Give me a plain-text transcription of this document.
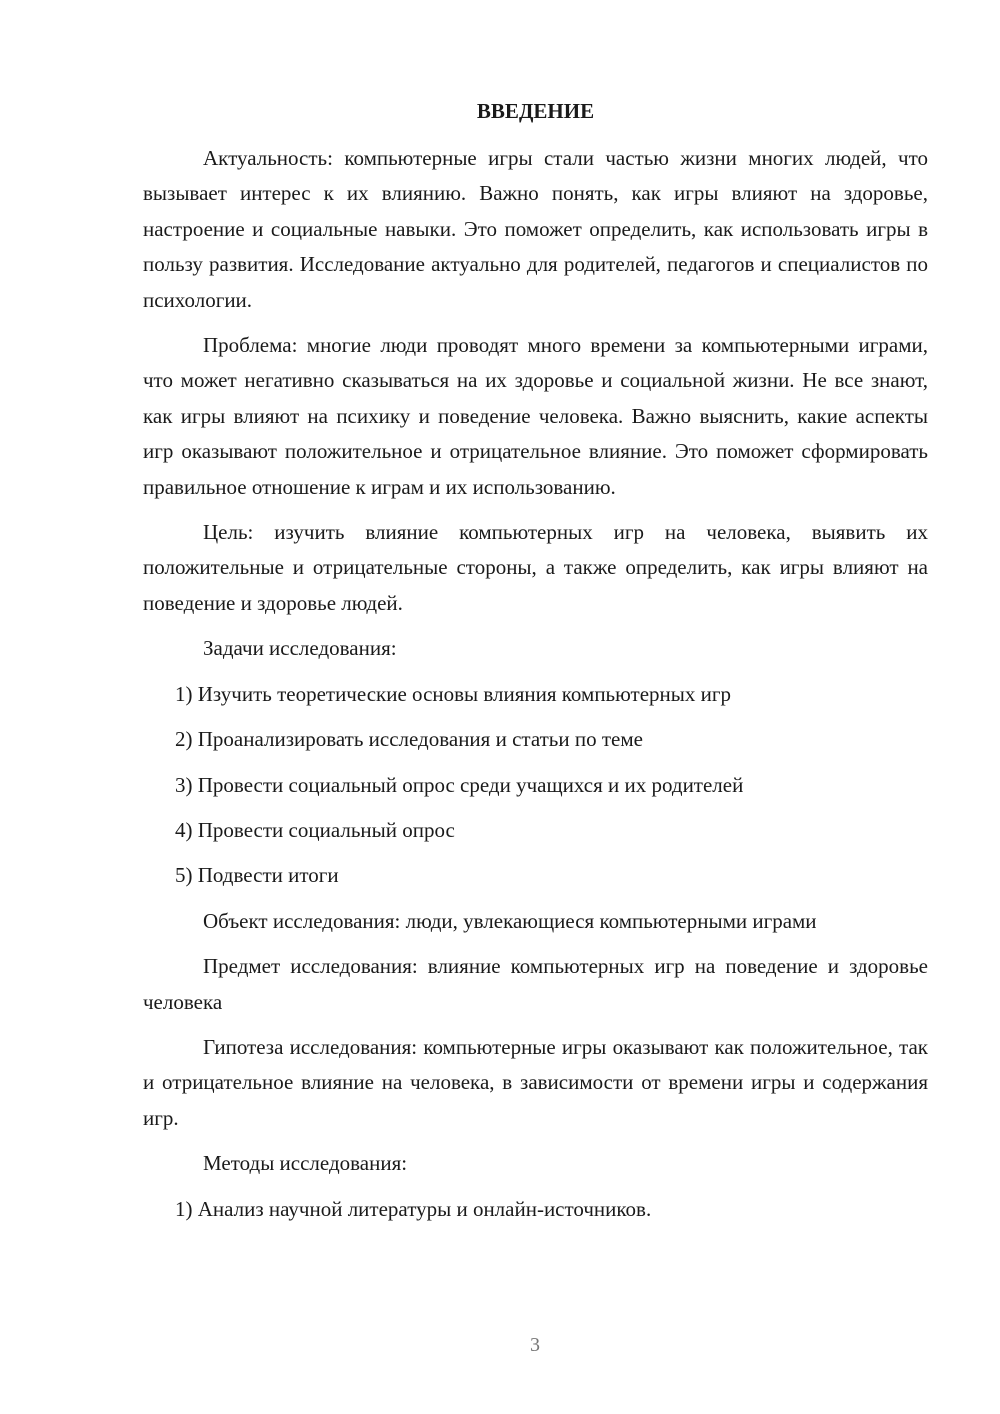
ВВЕДЕНИЕ

Актуальность: компьютерные игры стали частью жизни многих людей, что вызывает интерес к их влиянию. Важно понять, как игры влияют на здоровье, настроение и социальные навыки. Это поможет определить, как использовать игры в пользу развития. Исследование актуально для родителей, педагогов и специалистов по психологии.

Проблема: многие люди проводят много времени за компьютерными играми, что может негативно сказываться на их здоровье и социальной жизни. Не все знают, как игры влияют на психику и поведение человека. Важно выяснить, какие аспекты игр оказывают положительное и отрицательное влияние. Это поможет сформировать правильное отношение к играм и их использованию.

Цель: изучить влияние компьютерных игр на человека, выявить их положительные и отрицательные стороны, а также определить, как игры влияют на поведение и здоровье людей.

Задачи исследования:

1) Изучить теоретические основы влияния компьютерных игр
2) Проанализировать исследования и статьи по теме
3) Провести социальный опрос среди учащихся и их родителей
4) Провести социальный опрос
5) Подвести итоги

Объект исследования: люди, увлекающиеся компьютерными играми

Предмет исследования: влияние компьютерных игр на поведение и здоровье человека

Гипотеза исследования: компьютерные игры оказывают как положительное, так и отрицательное влияние на человека, в зависимости от времени игры и содержания игр.

Методы исследования:

1) Анализ научной литературы и онлайн-источников.
3
